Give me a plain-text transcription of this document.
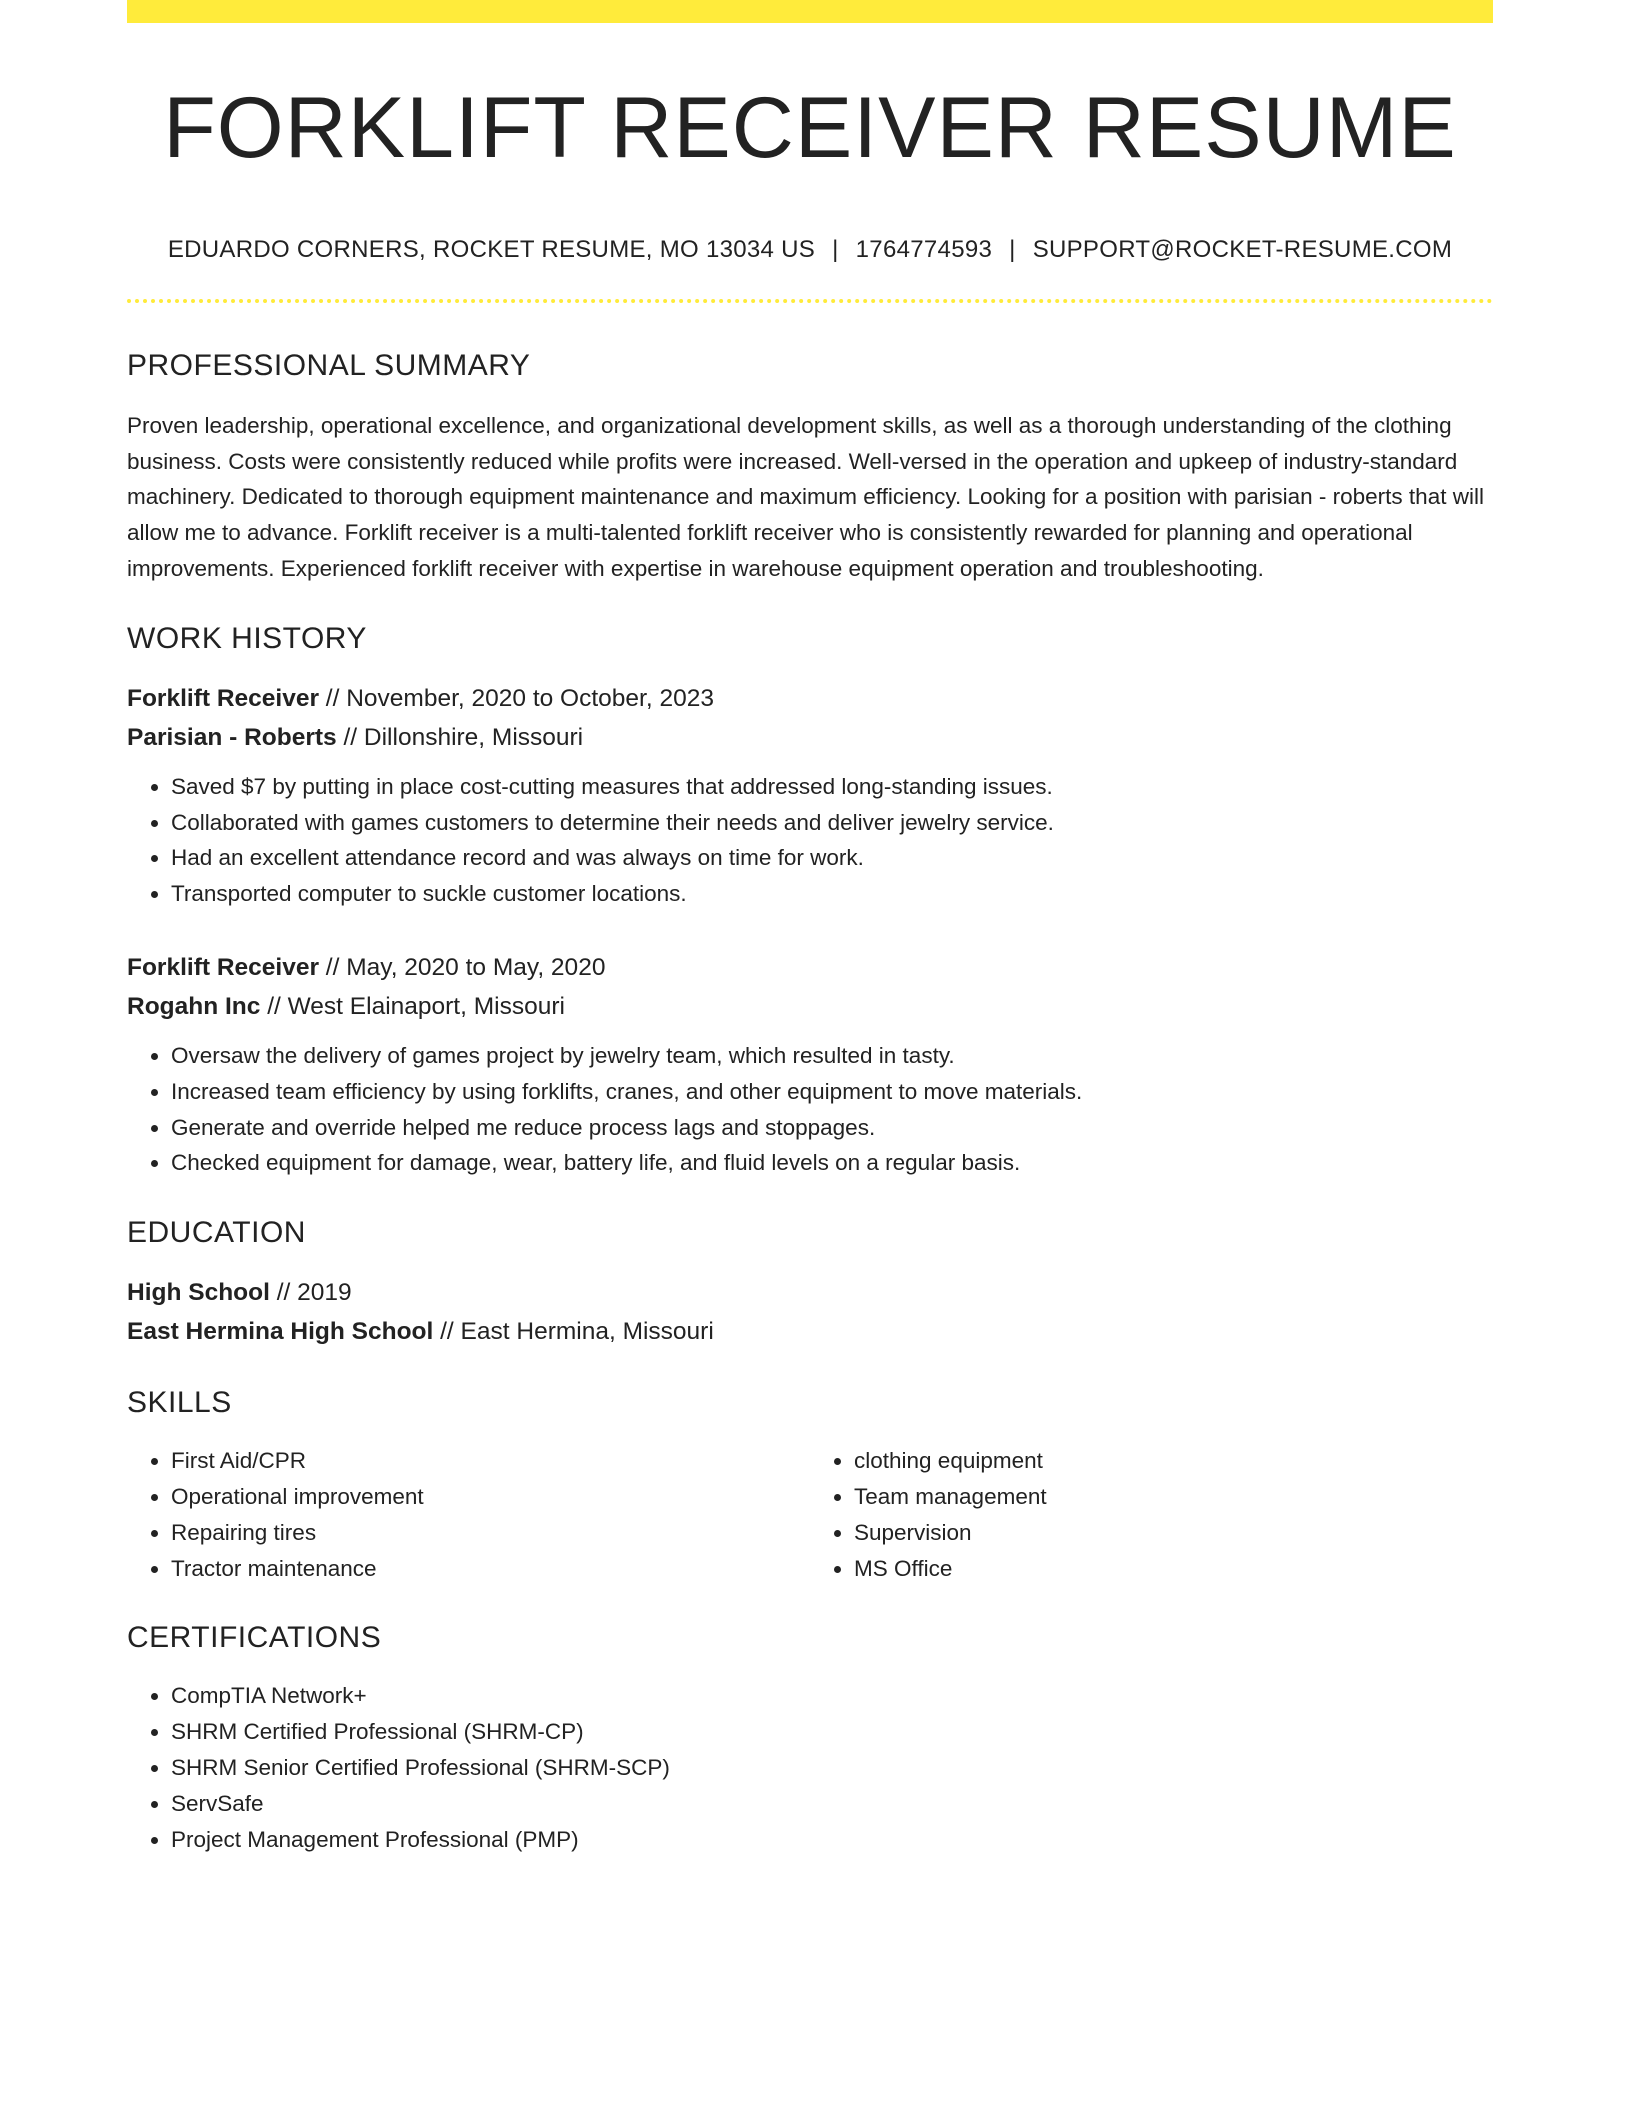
FORKLIFT RECEIVER RESUME
EDUARDO CORNERS, ROCKET RESUME, MO 13034 US | 1764774593 | SUPPORT@ROCKET-RESUME.COM
PROFESSIONAL SUMMARY

Proven leadership, operational excellence, and organizational development skills, as well as a thorough understanding of the clothing business. Costs were consistently reduced while profits were increased. Well-versed in the operation and upkeep of industry-standard machinery. Dedicated to thorough equipment maintenance and maximum efficiency. Looking for a position with parisian - roberts that will allow me to advance. Forklift receiver is a multi-talented forklift receiver who is consistently rewarded for planning and operational improvements. Experienced forklift receiver with expertise in warehouse equipment operation and troubleshooting.

WORK HISTORY

Forklift Receiver // November, 2020 to October, 2023

Parisian - Roberts // Dillonshire, Missouri

• Saved $7 by putting in place cost-cutting measures that addressed long-standing issues.
• Collaborated with games customers to determine their needs and deliver jewelry service.
• Had an excellent attendance record and was always on time for work.
• Transported computer to suckle customer locations.

Forklift Receiver // May, 2020 to May, 2020

Rogahn Inc // West Elainaport, Missouri

• Oversaw the delivery of games project by jewelry team, which resulted in tasty.
• Increased team efficiency by using forklifts, cranes, and other equipment to move materials.
• Generate and override helped me reduce process lags and stoppages.
• Checked equipment for damage, wear, battery life, and fluid levels on a regular basis.
EDUCATION

High School // 2019

East Hermina High School // East Hermina, Missouri

SKILLS
• First Aid/CPR
• Operational improvement
• Repairing tires
• Tractor maintenance
• clothing equipment
• Team management
• Supervision
• MS Office
CERTIFICATIONS
• CompTIA Network+
• SHRM Certified Professional (SHRM-CP)
• SHRM Senior Certified Professional (SHRM-SCP)
• ServSafe
• Project Management Professional (PMP)
